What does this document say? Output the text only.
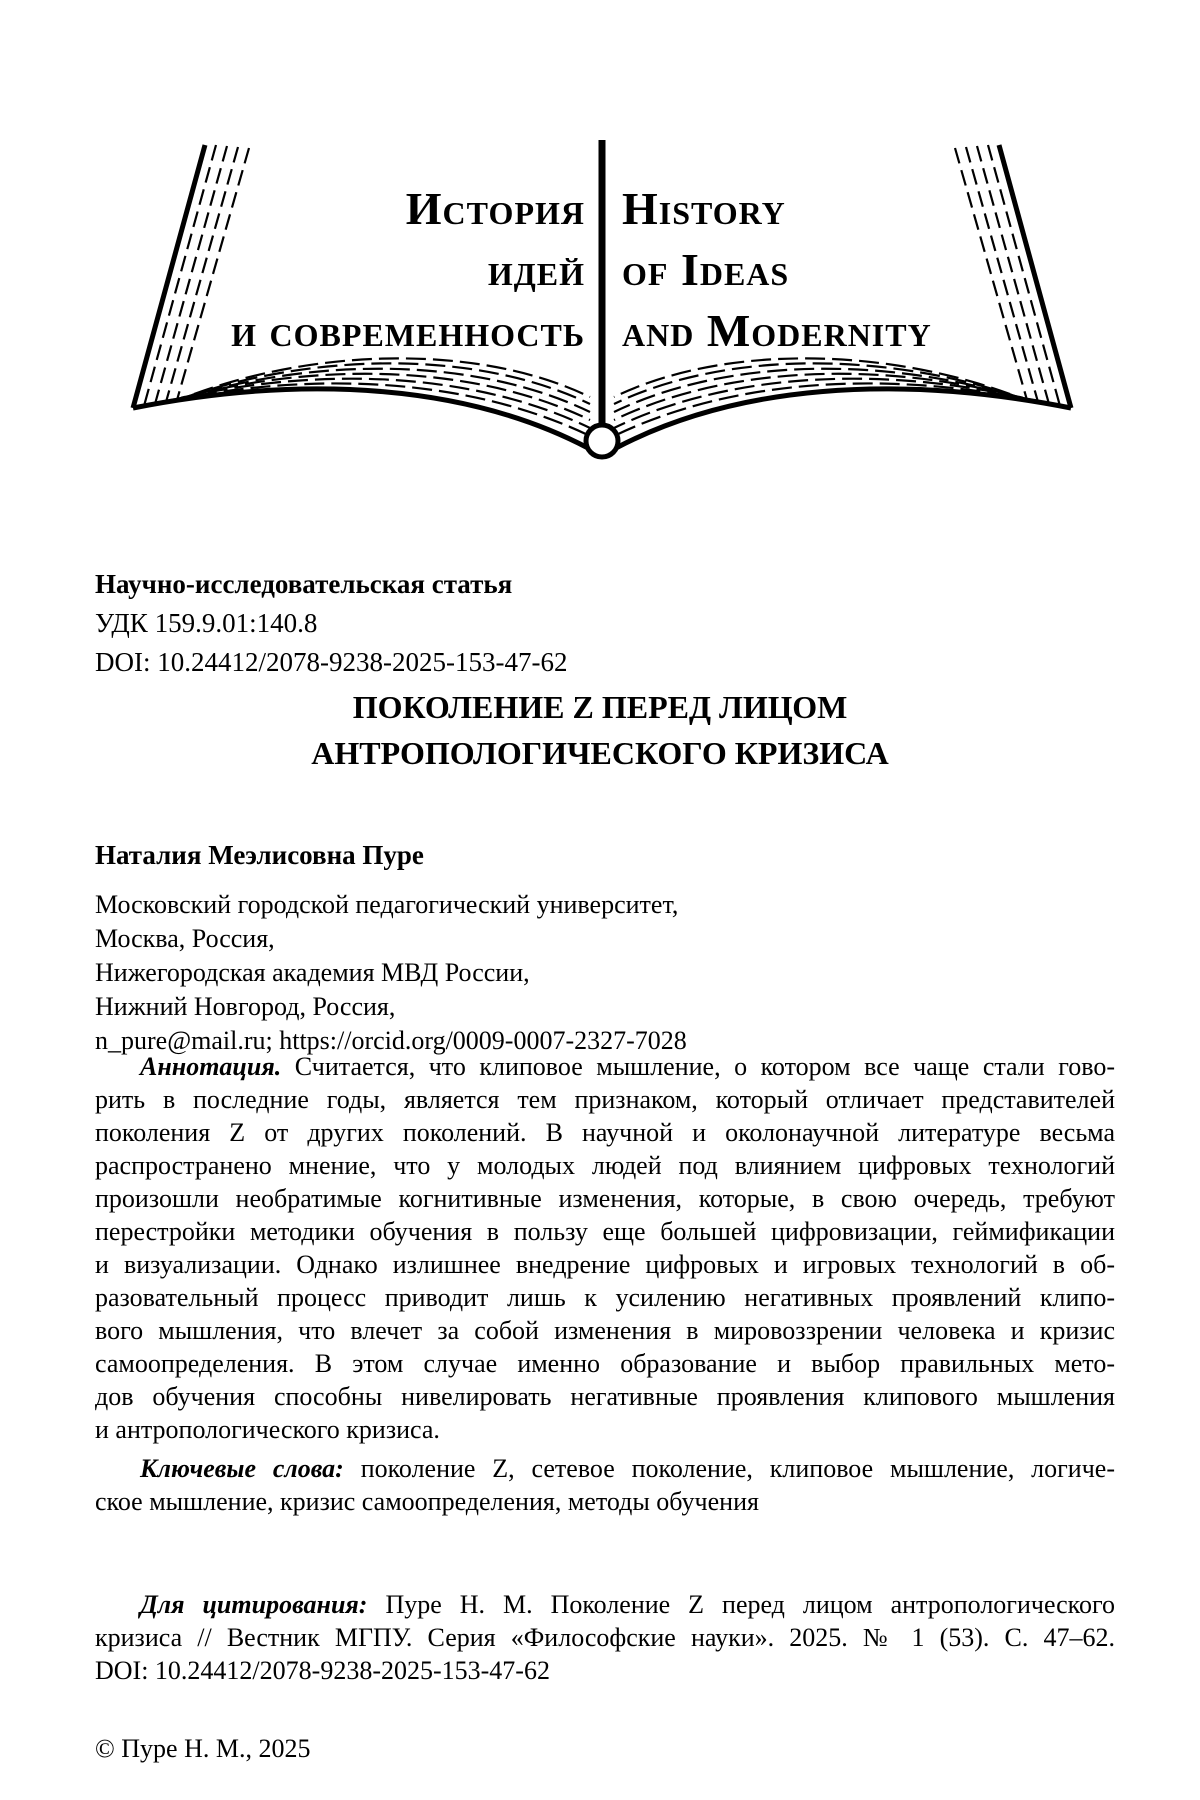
История
идей
и современность
History
of Ideas
and Modernity
Научно-исследовательская статья
УДК 159.9.01:140.8
DOI: 10.24412/2078-9238-2025-153-47-62
ПОКОЛЕНИЕ Z ПЕРЕД ЛИЦОМ
АНТРОПОЛОГИЧЕСКОГО КРИЗИСА
Наталия Меэлисовна Пуре
Московский городской педагогический университет,
Москва, Россия,
Нижегородская академия МВД России,
Нижний Новгород, Россия,
n_pure@mail.ru; https://orcid.org/0009-0007-2327-7028
Аннотация. Считается, что клиповое мышление, о котором все чаще стали гово-
рить в последние годы, является тем признаком, который отличает представителей
поколения Z от других поколений. В научной и околонаучной литературе весьма
распространено мнение, что у молодых людей под влиянием цифровых технологий
произошли необратимые когнитивные изменения, которые, в свою очередь, требуют
перестройки методики обучения в пользу еще большей цифровизации, геймификации
и визуализации. Однако излишнее внедрение цифровых и игровых технологий в об-
разовательный процесс приводит лишь к усилению негативных проявлений клипо-
вого мышления, что влечет за собой изменения в мировоззрении человека и кризис
самоопределения. В этом случае именно образование и выбор правильных мето-
дов обучения способны нивелировать негативные проявления клипового мышления
и антропологического кризиса.
Ключевые слова: поколение Z, сетевое поколение, клиповое мышление, логиче-
ское мышление, кризис самоопределения, методы обучения
Для цитирования: Пуре Н. М. Поколение Z перед лицом антропологического
кризиса // Вестник МГПУ. Серия «Философские науки». 2025. № 1 (53). С. 47–62.
DOI: 10.24412/2078-9238-2025-153-47-62
© Пуре Н. М., 2025
